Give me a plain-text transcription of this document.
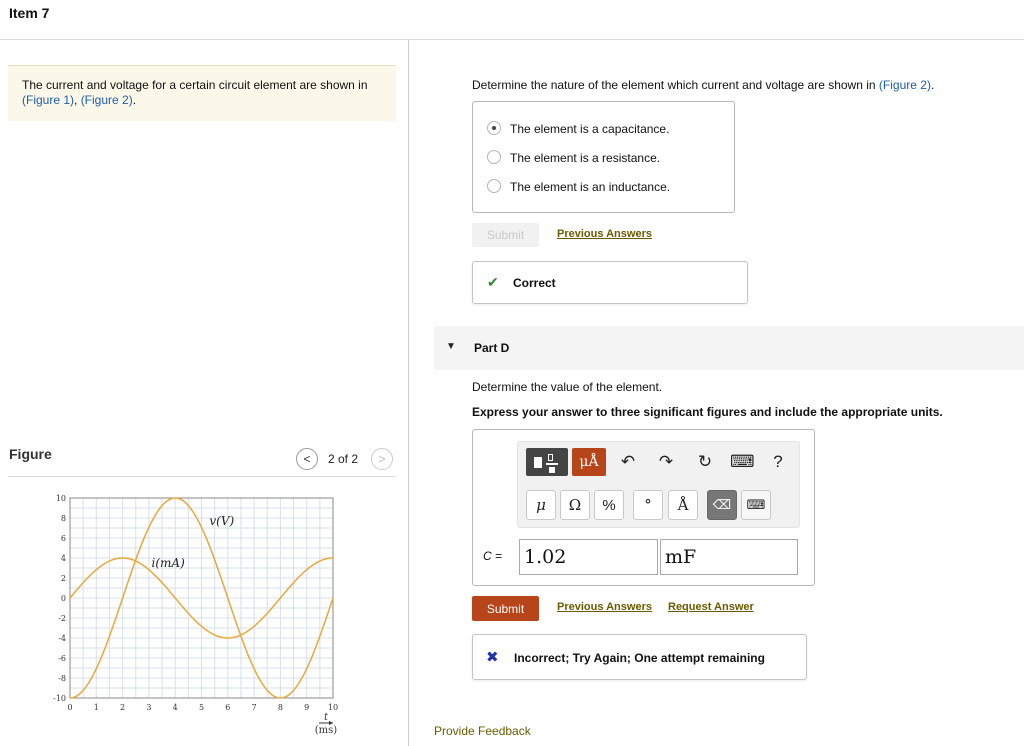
Item 7
The current and voltage for a certain circuit element are shown in
(Figure 1), (Figure 2).
Figure	< 2 of 2 >
10
8
6
4
2
0
-2
-4
-6
-8
-10
0	1	2	3	4	5	6	7	8	9 10
t
(ms)
v(V)
i(mA)
Determine the nature of the element which current and voltage are shown in (Figure 2).
The element is a capacitance.
The element is a resistance.
The element is an inductance.
Submit	Previous Answers
✔ Correct
▼ Part D
Determine the value of the element.
Express your answer to three significant figures and include the appropriate units.
μÅ ↶ ↷ ↻ ⌨	?
μ	Ω	%	°	Å	⌫ ⌨
C = 1.02	mF
Submit	Previous Answers Request Answer
✖ Incorrect; Try Again; One attempt remaining
Provide Feedback
